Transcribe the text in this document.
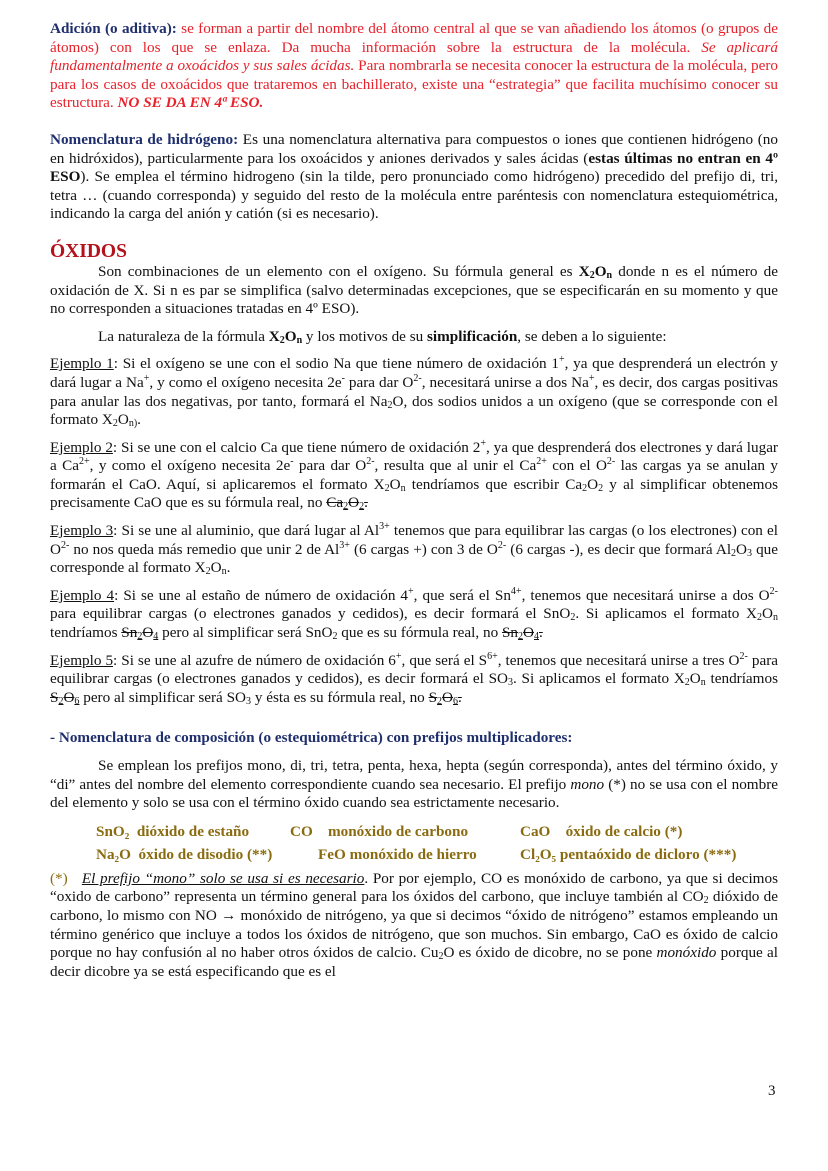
Adición (o aditiva): se forman a partir del nombre del átomo central al que se van añadiendo los átomos (o grupos de átomos) con los que se enlaza. Da mucha información sobre la estructura de la molécula. Se aplicará fundamentalmente a oxoácidos y sus sales ácidas. Para nombrarla se necesita conocer la estructura de la molécula, pero para los casos de oxoácidos que trataremos en bachillerato, existe una “estrategia” que facilita muchísimo conocer su estructura. NO SE DA EN 4ª ESO.

Nomenclatura de hidrógeno: Es una nomenclatura alternativa para compuestos o iones que contienen hidrógeno (no en hidróxidos), particularmente para los oxoácidos y aniones derivados y sales ácidas (estas últimas no entran en 4º ESO). Se emplea el término hidrogeno (sin la tilde, pero pronunciado como hidrógeno) precedido del prefijo di, tri, tetra … (cuando corresponda) y seguido del resto de la molécula entre paréntesis con nomenclatura estequiométrica, indicando la carga del anión y catión (si es necesario).

ÓXIDOS

Son combinaciones de un elemento con el oxígeno. Su fórmula general es $X_2O_n$ donde n es el número de oxidación de X. Si n es par se simplifica (salvo determinadas excepciones, que se especificarán en su momento y que no corresponden a situaciones tratadas en 4º ESO).

La naturaleza de la fórmula $X_2O_n$ y los motivos de su simplificación, se deben a lo siguiente:

Ejemplo 1: Si el oxígeno se une con el sodio Na que tiene número de oxidación 1+, ya que desprenderá un electrón y dará lugar a Na+, y como el oxígeno necesita 2e- para dar $O^{2-}$, necesitará unirse a dos Na+, es decir, dos cargas positivas para anular las dos negativas, por tanto, formará el $Na_2O$, dos sodios unidos a un oxígeno (que se corresponde con el formato $X_2O_{n)}$.

Ejemplo 2: Si se une con el calcio Ca que tiene número de oxidación 2+, ya que desprenderá dos electrones y dará lugar a $Ca^{2+}$, y como el oxígeno necesita 2e- para dar $O^{2-}$, resulta que al unir el $Ca^{2+}$ con el $O^{2-}$ las cargas ya se anulan y formarán el CaO. Aquí, si aplicaremos el formato $X_2O_n$ tendríamos que escribir $Ca_2O_2$ y al simplificar obtenemos precisamente CaO que es su fórmula real, no $Ca_2O_2$.

Ejemplo 3: Si se une al aluminio, que dará lugar al $Al^{3+}$ tenemos que para equilibrar las cargas (o los electrones) con el $O^{2-}$ no nos queda más remedio que unir 2 de $Al^{3+}$ (6 cargas +) con 3 de $O^{2-}$ (6 cargas -), es decir que formará $Al_2O_3$ que corresponde al formato $X_2O_n$.

Ejemplo 4: Si se une al estaño de número de oxidación 4+, que será el $Sn^{4+}$, tenemos que necesitará unirse a dos $O^{2-}$ para equilibrar cargas (o electrones ganados y cedidos), es decir formará el SnO$_2$. Si aplicamos el formato $X_2O_n$ tendríamos $Sn_2O_4$ pero al simplificar será SnO$_2$ que es su fórmula real, no $Sn_2O_4$.

Ejemplo 5: Si se une al azufre de número de oxidación 6+, que será el $S^{6+}$, tenemos que necesitará unirse a tres $O^{2-}$ para equilibrar cargas (o electrones ganados y cedidos), es decir formará el $SO_3$. Si aplicamos el formato $X_2O_n$ tendríamos $S_2O_6$ pero al simplificar será $SO_3$ y ésta es su fórmula real, no $S_2O_6$.

- Nomenclatura de composición (o estequiométrica) con prefijos multiplicadores:

Se emplean los prefijos mono, di, tri, tetra, penta, hexa, hepta (según corresponda), antes del término óxido, y “di” antes del nombre del elemento correspondiente cuando sea necesario. El prefijo mono (*) no se usa con el nombre del elemento y solo se usa con el término óxido cuando sea estrictamente necesario.

SnO₂ dióxido de estaño	CO monóxido de carbono	CaO óxido de calcio (*)
Na₂O óxido de disodio (**)	FeO monóxido de hierro	Cl₂O₅ pentaóxido de dicloro (***)

(*) El prefijo “mono” solo se usa si es necesario. Por por ejemplo, CO es monóxido de carbono, ya que si decimos “oxido de carbono” representa un término general para los óxidos del carbono, que incluye también al $CO_2$ dióxido de carbono, lo mismo con NO → monóxido de nitrógeno, ya que si decimos “óxido de nitrógeno” estamos empleando un término genérico que incluye a todos los óxidos de nitrógeno, que son muchos. Sin embargo, CaO es óxido de calcio porque no hay confusión al no haber otros óxidos de calcio. $Cu_2O$ es óxido de dicobre, no se pone monóxido porque al decir dicobre ya se está especificando que es el

3
